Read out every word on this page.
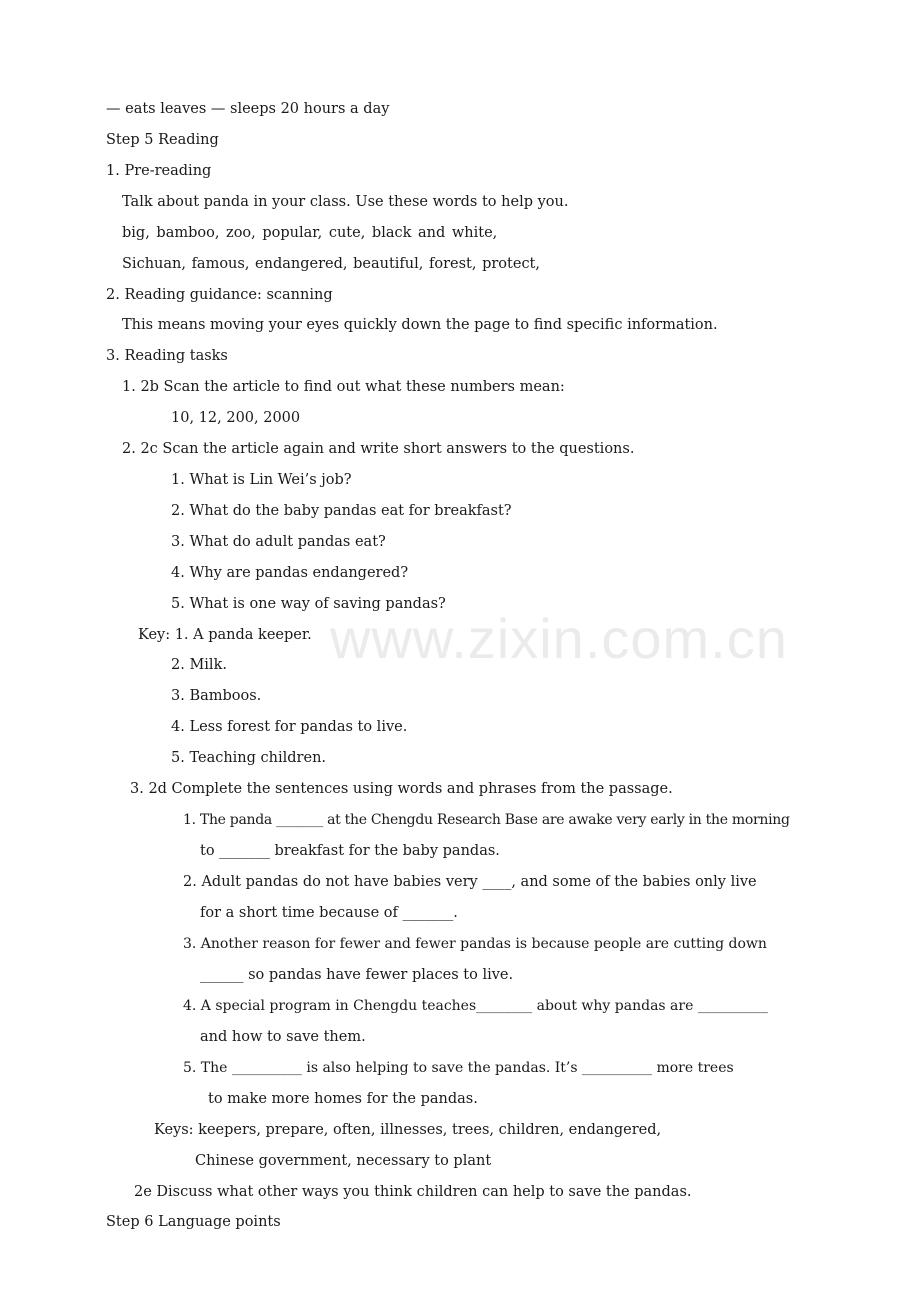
www.zixin.com.cn
— eats leaves — sleeps 20 hours a day
Step 5 Reading
1. Pre-reading
Talk about panda in your class. Use these words to help you.
big, bamboo, zoo, popular, cute, black and white,
Sichuan, famous, endangered, beautiful, forest, protect,
2. Reading guidance: scanning
This means moving your eyes quickly down the page to find specific information.
3. Reading tasks
1. 2b Scan the article to find out what these numbers mean:
10, 12, 200, 2000
2. 2c Scan the article again and write short answers to the questions.
1. What is Lin Wei’s job?
2. What do the baby pandas eat for breakfast?
3. What do adult pandas eat?
4. Why are pandas endangered?
5. What is one way of saving pandas?
Key: 1. A panda keeper.
2. Milk.
3. Bamboos.
4. Less forest for pandas to live.
5. Teaching children.
3. 2d Complete the sentences using words and phrases from the passage.
1. The panda _______ at the Chengdu Research Base are awake very early in the morning
to _______ breakfast for the baby pandas.
2. Adult pandas do not have babies very ____, and some of the babies only live
for a short time because of _______.
3. Another reason for fewer and fewer pandas is because people are cutting down
______ so pandas have fewer places to live.
4. A special program in Chengdu teaches________ about why pandas are __________
and how to save them.
5. The __________ is also helping to save the pandas. It’s __________ more trees
to make more homes for the pandas.
Keys: keepers, prepare, often, illnesses, trees, children, endangered,
Chinese government, necessary to plant
2e Discuss what other ways you think children can help to save the pandas.
Step 6 Language points
